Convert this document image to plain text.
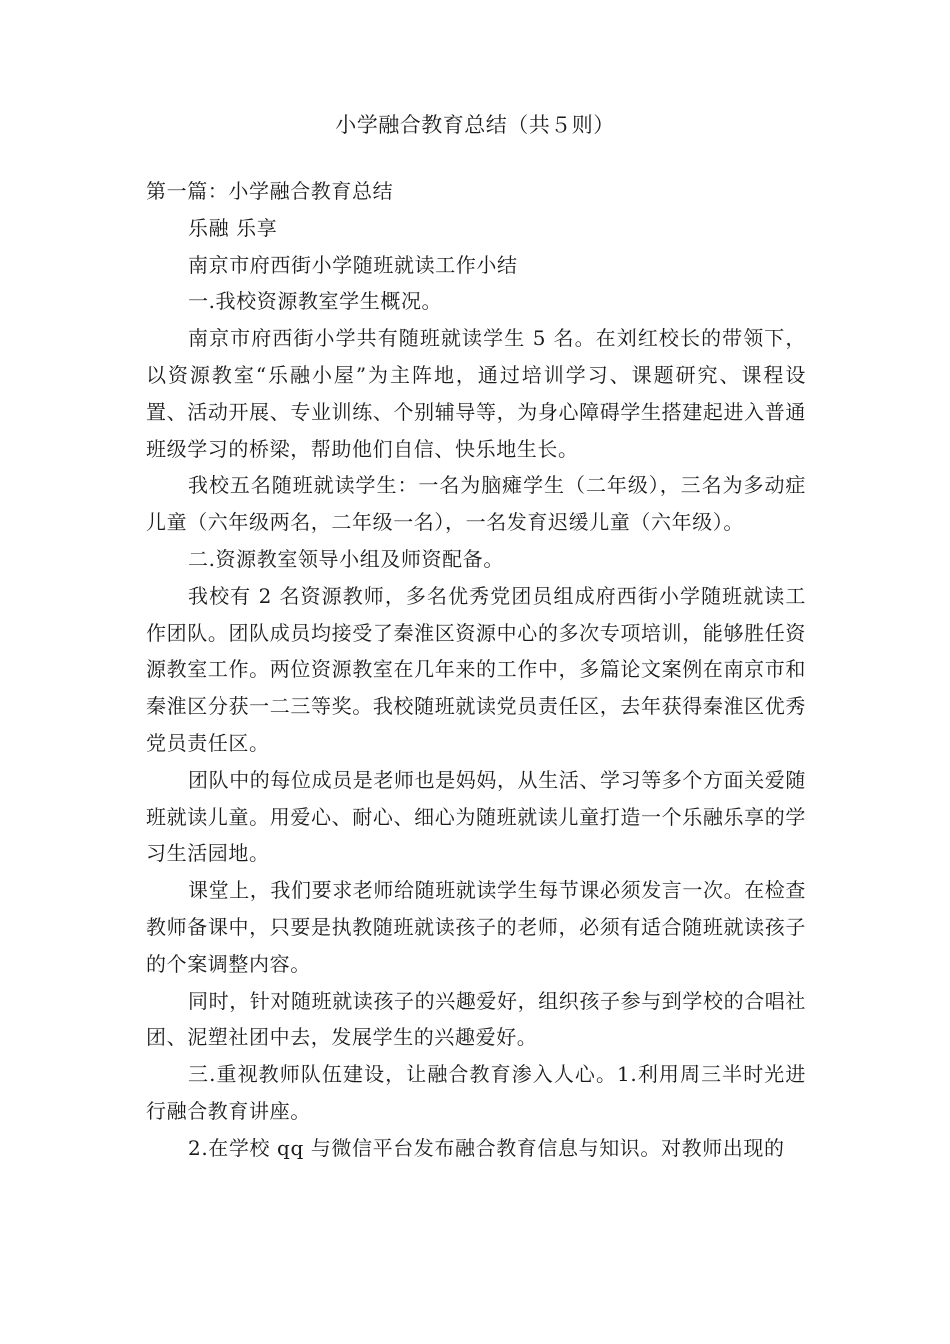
小学融合教育总结（共５则）

第一篇：小学融合教育总结

乐融 乐享

南京市府西街小学随班就读工作小结

一.我校资源教室学生概况。

南京市府西街小学共有随班就读学生 5 名。在刘红校长的带领下，以资源教室“乐融小屋”为主阵地，通过培训学习、课题研究、课程设置、活动开展、专业训练、个别辅导等，为身心障碍学生搭建起进入普通班级学习的桥梁，帮助他们自信、快乐地生长。

我校五名随班就读学生：一名为脑瘫学生（二年级），三名为多动症儿童（六年级两名，二年级一名），一名发育迟缓儿童（六年级）。

二.资源教室领导小组及师资配备。

我校有 2 名资源教师，多名优秀党团员组成府西街小学随班就读工作团队。团队成员均接受了秦淮区资源中心的多次专项培训，能够胜任资源教室工作。两位资源教室在几年来的工作中，多篇论文案例在南京市和秦淮区分获一二三等奖。我校随班就读党员责任区，去年获得秦淮区优秀党员责任区。

团队中的每位成员是老师也是妈妈，从生活、学习等多个方面关爱随班就读儿童。用爱心、耐心、细心为随班就读儿童打造一个乐融乐享的学习生活园地。

课堂上，我们要求老师给随班就读学生每节课必须发言一次。在检查教师备课中，只要是执教随班就读孩子的老师，必须有适合随班就读孩子的个案调整内容。

同时，针对随班就读孩子的兴趣爱好，组织孩子参与到学校的合唱社团、泥塑社团中去，发展学生的兴趣爱好。

三.重视教师队伍建设，让融合教育渗入人心。1.利用周三半时光进行融合教育讲座。

2.在学校 qq 与微信平台发布融合教育信息与知识。对教师出现的
